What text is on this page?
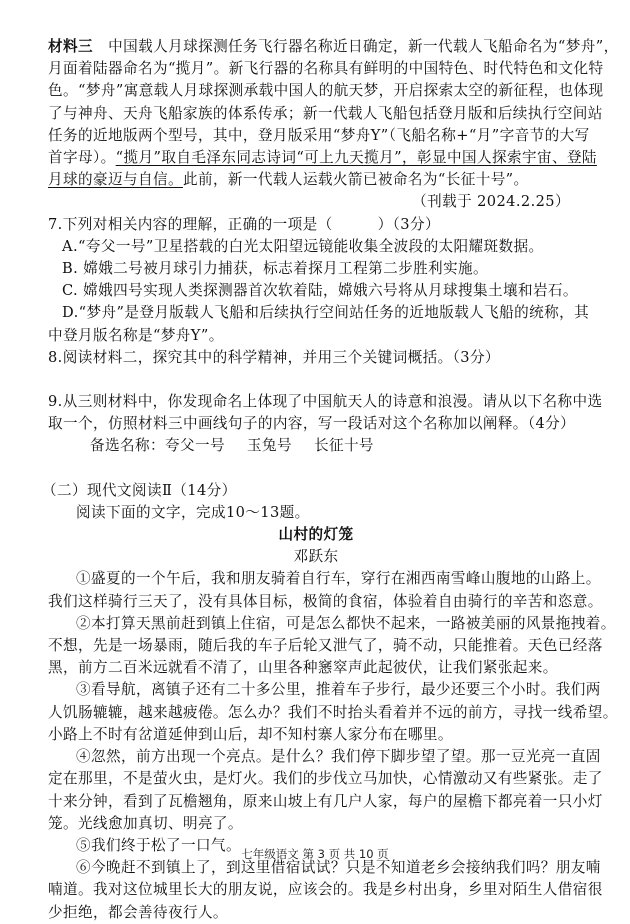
材料三 中国载人月球探测任务飞行器名称近日确定，新一代载人飞船命名为“梦舟”，
月面着陆器命名为“揽月”。新飞行器的名称具有鲜明的中国特色、时代特色和文化特
色。“梦舟”寓意载人月球探测承载中国人的航天梦，开启探索太空的新征程，也体现
了与神舟、天舟飞船家族的体系传承；新一代载人飞船包括登月版和后续执行空间站
任务的近地版两个型号，其中，登月版采用“梦舟Y”（飞船名称+“月”字音节的大写
首字母）。“揽月”取自毛泽东同志诗词“可上九天揽月”，彰显中国人探索宇宙、登陆
月球的豪迈与自信。此前，新一代载人运载火箭已被命名为“长征十号”。
（刊载于 2024.2.25）
7.下列对相关内容的理解，正确的一项是（　　　）（3分）
A.“夸父一号”卫星搭载的白光太阳望远镜能收集全波段的太阳耀斑数据。
B. 嫦娥二号被月球引力捕获，标志着探月工程第二步胜利实施。
C. 嫦娥四号实现人类探测器首次软着陆，嫦娥六号将从月球搜集土壤和岩石。
D.“梦舟”是登月版载人飞船和后续执行空间站任务的近地版载人飞船的统称，其
中登月版名称是“梦舟Y”。
8.阅读材料二，探究其中的科学精神，并用三个关键词概括。（3分）
9.从三则材料中，你发现命名上体现了中国航天人的诗意和浪漫。请从以下名称中选
取一个，仿照材料三中画线句子的内容，写一段话对这个名称加以阐释。（4分）
备选名称：夸父一号 玉兔号 长征十号
（二）现代文阅读Ⅱ（14分）
阅读下面的文字，完成10～13题。
山村的灯笼
邓跃东
①盛夏的一个午后，我和朋友骑着自行车，穿行在湘西南雪峰山腹地的山路上。
我们这样骑行三天了，没有具体目标，极简的食宿，体验着自由骑行的辛苦和恣意。
②本打算天黑前赶到镇上住宿，可是怎么都快不起来，一路被美丽的风景拖拽着。
不想，先是一场暴雨，随后我的车子后轮又泄气了，骑不动，只能推着。天色已经落
黑，前方二百米远就看不清了，山里各种窸窣声此起彼伏，让我们紧张起来。
③看导航，离镇子还有二十多公里，推着车子步行，最少还要三个小时。我们两
人饥肠辘辘，越来越疲倦。怎么办？我们不时抬头看着并不远的前方，寻找一线希望。
小路上不时有岔道延伸到山后，却不知村寨人家分布在哪里。
④忽然，前方出现一个亮点。是什么？我们停下脚步望了望。那一豆光亮一直固
定在那里，不是萤火虫，是灯火。我们的步伐立马加快，心情激动又有些紧张。走了
十来分钟，看到了瓦檐翘角，原来山坡上有几户人家，每户的屋檐下都亮着一只小灯
笼。光线愈加真切、明亮了。
⑤我们终于松了一口气。
⑥今晚赶不到镇上了，到这里借宿试试？只是不知道老乡会接纳我们吗？朋友喃
喃道。我对这位城里长大的朋友说，应该会的。我是乡村出身，乡里对陌生人借宿很
少拒绝，都会善待夜行人。
七年级语文 第 3 页 共 10 页
